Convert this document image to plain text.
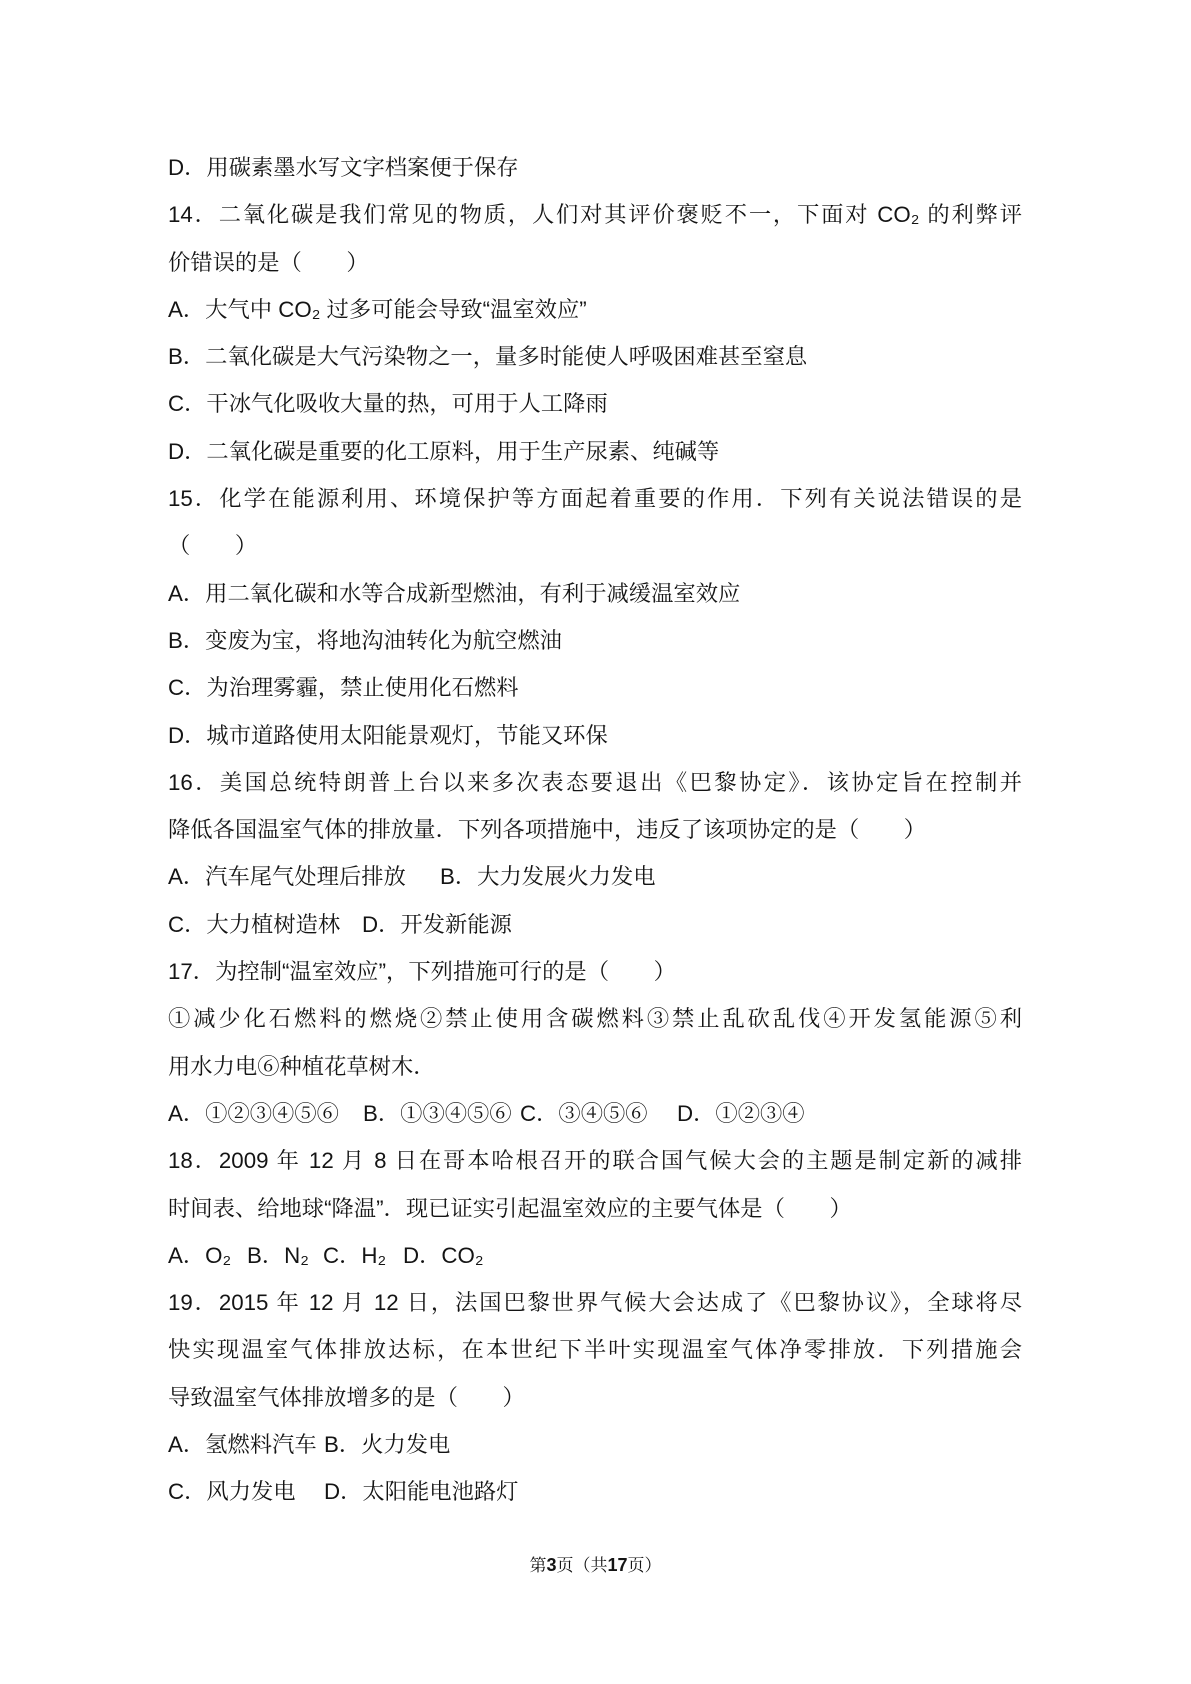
D．用碳素墨水写文字档案便于保存
14．二氧化碳是我们常见的物质，人们对其评价褒贬不一，下面对 CO₂ 的利弊评
价错误的是（　　）
A．大气中 CO₂ 过多可能会导致“温室效应”
B．二氧化碳是大气污染物之一，量多时能使人呼吸困难甚至窒息
C．干冰气化吸收大量的热，可用于人工降雨
D．二氧化碳是重要的化工原料，用于生产尿素、纯碱等
15．化学在能源利用、环境保护等方面起着重要的作用．下列有关说法错误的是
（　　）
A．用二氧化碳和水等合成新型燃油，有利于减缓温室效应
B．变废为宝，将地沟油转化为航空燃油
C．为治理雾霾，禁止使用化石燃料
D．城市道路使用太阳能景观灯，节能又环保
16．美国总统特朗普上台以来多次表态要退出《巴黎协定》．该协定旨在控制并
降低各国温室气体的排放量．下列各项措施中，违反了该项协定的是（　　）
A．汽车尾气处理后排放 B．大力发展火力发电
C．大力植树造林 D．开发新能源
17．为控制“温室效应”，下列措施可行的是（　　）
①减少化石燃料的燃烧②禁止使用含碳燃料③禁止乱砍乱伐④开发氢能源⑤利
用水力电⑥种植花草树木．
A．①②③④⑤⑥ B．①③④⑤⑥ C．③④⑤⑥ D．①②③④
18．2009 年 12 月 8 日在哥本哈根召开的联合国气候大会的主题是制定新的减排
时间表、给地球“降温”．现已证实引起温室效应的主要气体是（　　）
A．O₂ B．N₂ C．H₂ D．CO₂
19．2015 年 12 月 12 日，法国巴黎世界气候大会达成了《巴黎协议》，全球将尽
快实现温室气体排放达标，在本世纪下半叶实现温室气体净零排放．下列措施会
导致温室气体排放增多的是（　　）
A．氢燃料汽车 B．火力发电
C．风力发电 D．太阳能电池路灯
第3页（共17页）
